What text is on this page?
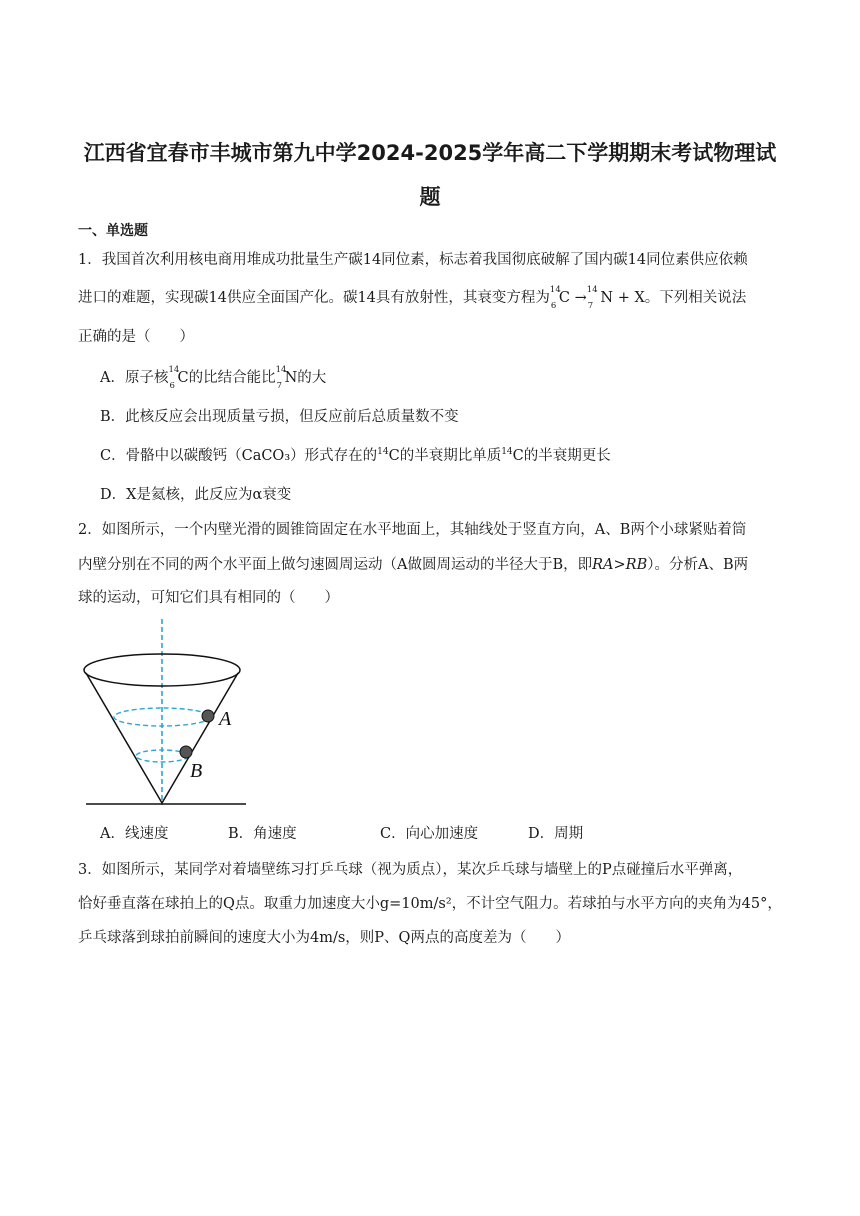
江西省宜春市丰城市第九中学2024-2025学年高二下学期期末考试物理试
题
一、单选题
1．我国首次利用核电商用堆成功批量生产碳14同位素，标志着我国彻底破解了国内碳14同位素供应依赖
进口的难题，实现碳14供应全面国产化。碳14具有放射性，其衰变方程为 14
6 C → 14
7 N + X。下列相关说法
正确的是（　　）
A．原子核 14
6 C的比结合能比 14
7 N的大
B．此核反应会出现质量亏损，但反应前后总质量数不变
C．骨骼中以碳酸钙（CaCO₃）形式存在的$^{14}$C的半衰期比单质$^{14}$C的半衰期更长
D．X是氦核，此反应为α衰变
2．如图所示，一个内壁光滑的圆锥筒固定在水平地面上，其轴线处于竖直方向，A、B两个小球紧贴着筒
内壁分别在不同的两个水平面上做匀速圆周运动（A做圆周运动的半径大于B，即RA>RB）。分析A、B两
球的运动，可知它们具有相同的（　　）
A
B
A．线速度	B．角速度	C．向心加速度	D．周期
3．如图所示，某同学对着墙壁练习打乒乓球（视为质点），某次乒乓球与墙壁上的P点碰撞后水平弹离，
恰好垂直落在球拍上的Q点。取重力加速度大小g=10m/s²，不计空气阻力。若球拍与水平方向的夹角为45°，
乒乓球落到球拍前瞬间的速度大小为4m/s，则P、Q两点的高度差为（　　）
